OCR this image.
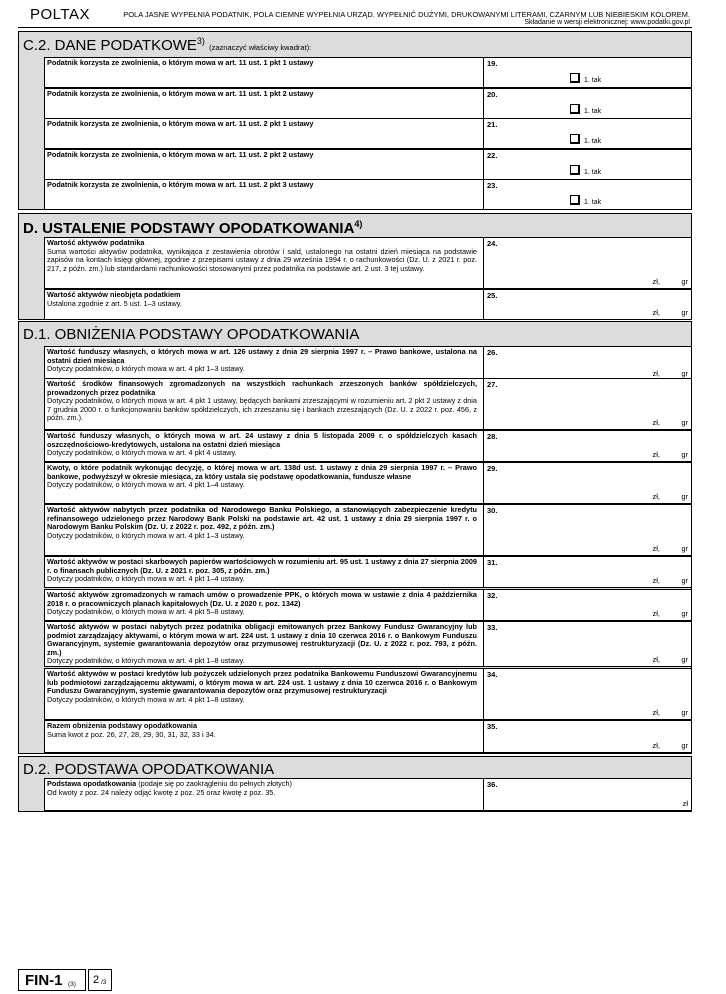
POLTAX	POLA JASNE WYPEŁNIA PODATNIK, POLA CIEMNE WYPEŁNIA URZĄD. WYPEŁNIĆ DUŻYMI, DRUKOWANYMI LITERAMI, CZARNYM LUB NIEBIESKIM KOLOREM.
Składanie w wersji elektronicznej: www.podatki.gov.pl
C.2. DANE PODATKOWE$^{3)}$ (zaznaczyć właściwy kwadrat):
Podatnik korzysta ze zwolnienia, o którym mowa w art. 11 ust. 1 pkt 1 ustawy	19.
1. tak
Podatnik korzysta ze zwolnienia, o którym mowa w art. 11 ust. 1 pkt 2 ustawy	20.
1. tak
Podatnik korzysta ze zwolnienia, o którym mowa w art. 11 ust. 2 pkt 1 ustawy	21.
1. tak
Podatnik korzysta ze zwolnienia, o którym mowa w art. 11 ust. 2 pkt 2 ustawy	22.
1. tak
Podatnik korzysta ze zwolnienia, o którym mowa w art. 11 ust. 2 pkt 3 ustawy	23.
1. tak
D. USTALENIE PODSTAWY OPODATKOWANIA$^{4)}$
Wartość aktywów podatnika
Suma wartości aktywów podatnika, wynikająca z zestawienia obrotów i sald, ustalonego na ostatni dzień miesiąca na podstawie zapisów na kontach księgi głównej, zgodnie z przepisami ustawy z dnia 29 września 1994 r. o rachunkowości (Dz. U. z 2021 r. poz. 217, z późn. zm.) lub standardami rachunkowości stosowanymi przez podatnika na podstawie art. 2 ust. 3 tej ustawy.
24.
zł,	gr
Wartość aktywów nieobjęta podatkiem
Ustalona zgodnie z art. 5 ust. 1–3 ustawy.
25.
zł,	gr
D.1. OBNIŻENIA PODSTAWY OPODATKOWANIA
Wartość funduszy własnych, o których mowa w art. 126 ustawy z dnia 29 sierpnia 1997 r. – Prawo bankowe, ustalona na ostatni dzień miesiąca
Dotyczy podatników, o których mowa w art. 4 pkt 1–3 ustawy.
26.
zł,	gr
Wartość środków finansowych zgromadzonych na wszystkich rachunkach zrzeszonych banków spółdzielczych, prowadzonych przez podatnika
Dotyczy podatników, o których mowa w art. 4 pkt 1 ustawy, będących bankami zrzeszającymi w rozumieniu art. 2 pkt 2 ustawy z dnia 7 grudnia 2000 r. o funkcjonowaniu banków spółdzielczych, ich zrzeszaniu się i bankach zrzeszających (Dz. U. z 2022 r. poz. 456, z późn. zm.).
27.
zł,	gr
Wartość funduszy własnych, o których mowa w art. 24 ustawy z dnia 5 listopada 2009 r. o spółdzielczych kasach oszczędnościowo-kredytowych, ustalona na ostatni dzień miesiąca
Dotyczy podatników, o których mowa w art. 4 pkt 4 ustawy.
28.
zł,	gr
Kwoty, o które podatnik wykonując decyzję, o której mowa w art. 138d ust. 1 ustawy z dnia 29 sierpnia 1997 r. – Prawo bankowe, podwyższył w okresie miesiąca, za który ustala się podstawę opodatkowania, fundusze własne
Dotyczy podatników, o których mowa w art. 4 pkt 1–4 ustawy.
29.
zł,	gr
Wartość aktywów nabytych przez podatnika od Narodowego Banku Polskiego, a stanowiących zabezpieczenie kredytu refinansowego udzielonego przez Narodowy Bank Polski na podstawie art. 42 ust. 1 ustawy z dnia 29 sierpnia 1997 r. o Narodowym Banku Polskim (Dz. U. z 2022 r. poz. 492, z późn. zm.)
Dotyczy podatników, o których mowa w art. 4 pkt 1–3 ustawy.
30.
zł,	gr
Wartość aktywów w postaci skarbowych papierów wartościowych w rozumieniu art. 95 ust. 1 ustawy z dnia 27 sierpnia 2009 r. o finansach publicznych (Dz. U. z 2021 r. poz. 305, z późn. zm.)
Dotyczy podatników, o których mowa w art. 4 pkt 1–4 ustawy.
31.
zł,	gr
Wartość aktywów zgromadzonych w ramach umów o prowadzenie PPK, o których mowa w ustawie z dnia 4 października 2018 r. o pracowniczych planach kapitałowych (Dz. U. z 2020 r. poz. 1342)
Dotyczy podatników, o których mowa w art. 4 pkt 5–8 ustawy.
32.
zł,	gr
Wartość aktywów w postaci nabytych przez podatnika obligacji emitowanych przez Bankowy Fundusz Gwarancyjny lub podmiot zarządzający aktywami, o którym mowa w art. 224 ust. 1 ustawy z dnia 10 czerwca 2016 r. o Bankowym Funduszu Gwarancyjnym, systemie gwarantowania depozytów oraz przymusowej restrukturyzacji (Dz. U. z 2022 r. poz. 793, z późn. zm.)
Dotyczy podatników, o których mowa w art. 4 pkt 1–8 ustawy.
33.
zł,	gr
Wartość aktywów w postaci kredytów lub pożyczek udzielonych przez podatnika Bankowemu Funduszowi Gwarancyjnemu lub podmiotowi zarządzającemu aktywami, o którym mowa w art. 224 ust. 1 ustawy z dnia 10 czerwca 2016 r. o Bankowym Funduszu Gwarancyjnym, systemie gwarantowania depozytów oraz przymusowej restrukturyzacji
Dotyczy podatników, o których mowa w art. 4 pkt 1–8 ustawy.
34.
zł,	gr
Razem obniżenia podstawy opodatkowania
Suma kwot z poz. 26, 27, 28, 29, 30, 31, 32, 33 i 34.
35.
zł,	gr
D.2. PODSTAWA OPODATKOWANIA
Podstawa opodatkowania (podaje się po zaokrągleniu do pełnych złotych)
Od kwoty z poz. 24 należy odjąć kwotę z poz. 25 oraz kwotę z poz. 35.
36.
zł
FIN-1 (3) 2 /3
